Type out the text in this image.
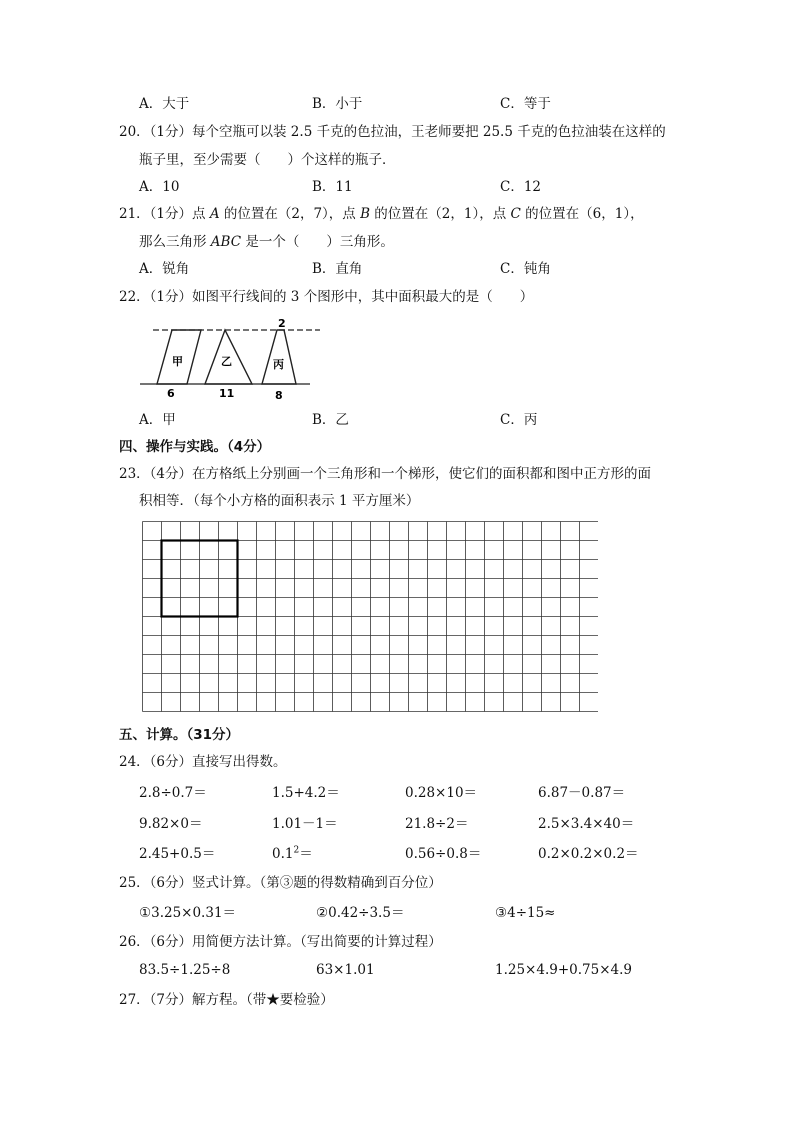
A．大于	B．小于	C．等于
20．（1分）每个空瓶可以装 2.5 千克的色拉油，王老师要把 25.5 千克的色拉油装在这样的
瓶子里，至少需要（　　）个这样的瓶子．
A．10	B．11	C．12
21．（1分）点 A 的位置在（2，7），点 B 的位置在（2，1），点 C 的位置在（6，1），
那么三角形 ABC 是一个（　　）三角形。
A．锐角	B．直角	C．钝角
22．（1分）如图平行线间的 3 个图形中，其中面积最大的是（　　）
甲	乙	丙
6	11	8
2
A．甲	B．乙	C．丙
四、操作与实践。（4分）
23．（4分）在方格纸上分别画一个三角形和一个梯形，使它们的面积都和图中正方形的面
积相等．（每个小方格的面积表示 1 平方厘米）
五、计算。（31分）
24．（6分）直接写出得数。
2.8÷0.7＝	1.5+4.2＝	0.28×10＝	6.87－0.87＝
9.82×0＝	1.01－1＝	21.8÷2＝	2.5×3.4×40＝
2.45+0.5＝	$0.1^2=$	0.56÷0.8＝	0.2×0.2×0.2＝
25．（6分）竖式计算。（第③题的得数精确到百分位）
①3.25×0.31＝	②0.42÷3.5＝	③4÷15≈
26．（6分）用简便方法计算。（写出简要的计算过程）
83.5÷1.25÷8	63×1.01	1.25×4.9+0.75×4.9
27．（7分）解方程。（带★要检验）
